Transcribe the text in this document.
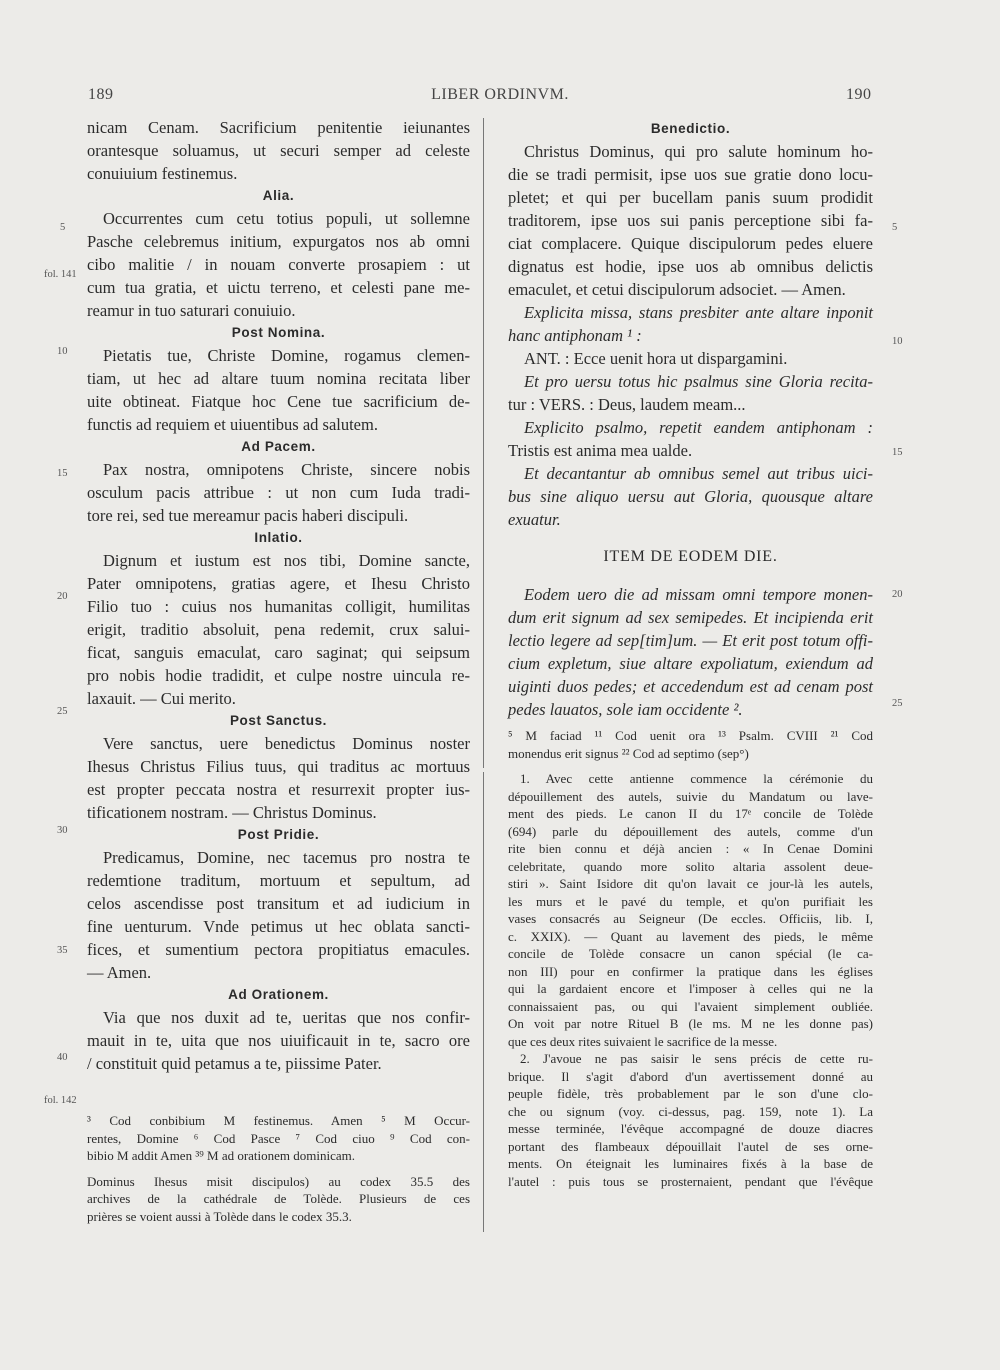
189	LIBER ORDINVM.	190
nicam Cenam. Sacrificium penitentie ieiunantes
orantesque soluamus, ut securi semper ad celeste
conuiuium festinemus.
Alia.
Occurrentes cum cetu totius populi, ut sollemne
Pasche celebremus initium, expurgatos nos ab omni
cibo malitie / in nouam converte prosapiem : ut
cum tua gratia, et uictu terreno, et celesti pane me-
reamur in tuo saturari conuiuio.
Post Nomina.
Pietatis tue, Christe Domine, rogamus clemen-
tiam, ut hec ad altare tuum nomina recitata liber
uite obtineat. Fiatque hoc Cene tue sacrificium de-
functis ad requiem et uiuentibus ad salutem.
Ad Pacem.
Pax nostra, omnipotens Christe, sincere nobis
osculum pacis attribue : ut non cum Iuda tradi-
tore rei, sed tue mereamur pacis haberi discipuli.
Inlatio.
Dignum et iustum est nos tibi, Domine sancte,
Pater omnipotens, gratias agere, et Ihesu Christo
Filio tuo : cuius nos humanitas colligit, humilitas
erigit, traditio absoluit, pena redemit, crux salui-
ficat, sanguis emaculat, caro saginat; qui seipsum
pro nobis hodie tradidit, et culpe nostre uincula re-
laxauit. — Cui merito.
Post Sanctus.
Vere sanctus, uere benedictus Dominus noster
Ihesus Christus Filius tuus, qui traditus ac mortuus
est propter peccata nostra et resurrexit propter ius-
tificationem nostram. — Christus Dominus.
Post Pridie.
Predicamus, Domine, nec tacemus pro nostra te
redemtione traditum, mortuum et sepultum, ad
celos ascendisse post transitum et ad iudicium in
fine uenturum. Vnde petimus ut hec oblata sancti-
fices, et sumentium pectora propitiatus emacules.
— Amen.
Ad Orationem.
Via que nos duxit ad te, ueritas que nos confir-
mauit in te, uita que nos uiuificauit in te, sacro ore
/ constituit quid petamus a te, piissime Pater.
³ Cod conbibium M festinemus. Amen ⁵ M Occur-
rentes, Domine ⁶ Cod Pasce ⁷ Cod ciuo ⁹ Cod con-
bibio M addit Amen ³⁹ M ad orationem dominicam.
Dominus Ihesus misit discipulos) au codex 35.5 des
archives de la cathédrale de Tolède. Plusieurs de ces
prières se voient aussi à Tolède dans le codex 35.3.
Benedictio.
Christus Dominus, qui pro salute hominum ho-
die se tradi permisit, ipse uos sue gratie dono locu-
pletet; et qui per bucellam panis suum prodidit
traditorem, ipse uos sui panis perceptione sibi fa-
ciat complacere. Quique discipulorum pedes eluere
dignatus est hodie, ipse uos ab omnibus delictis
emaculet, et cetui discipulorum adsociet. — Amen.
Explicita missa, stans presbiter ante altare inponit
hanc antiphonam ¹ :
ANT. : Ecce uenit hora ut dispargamini.
Et pro uersu totus hic psalmus sine Gloria recita-
tur : VERS. : Deus, laudem meam...
Explicito psalmo, repetit eandem antiphonam :
Tristis est anima mea ualde.
Et decantantur ab omnibus semel aut tribus uici-
bus sine aliquo uersu aut Gloria, quousque altare
exuatur.
ITEM DE EODEM DIE.
Eodem uero die ad missam omni tempore monen-
dum erit signum ad sex semipedes. Et incipienda erit
lectio legere ad sep[tim]um. — Et erit post totum offi-
cium expletum, siue altare expoliatum, exiendum ad
uiginti duos pedes; et accedendum est ad cenam post
pedes lauatos, sole iam occidente ².
⁵ M faciad ¹¹ Cod uenit ora ¹³ Psalm. CVIII ²¹ Cod
monendus erit signus ²² Cod ad septimo (sep°)
1. Avec cette antienne commence la cérémonie du
dépouillement des autels, suivie du Mandatum ou lave-
ment des pieds. Le canon II du 17ᵉ concile de Tolède
(694) parle du dépouillement des autels, comme d'un
rite bien connu et déjà ancien : « In Cenae Domini
celebritate, quando more solito altaria assolent deue-
stiri ». Saint Isidore dit qu'on lavait ce jour-là les autels,
les murs et le pavé du temple, et qu'on purifiait les
vases consacrés au Seigneur (De eccles. Officiis, lib. I,
c. XXIX). — Quant au lavement des pieds, le même
concile de Tolède consacre un canon spécial (le ca-
non III) pour en confirmer la pratique dans les églises
qui la gardaient encore et l'imposer à celles qui ne la
connaissaient pas, ou qui l'avaient simplement oubliée.
On voit par notre Rituel B (le ms. M ne les donne pas)
que ces deux rites suivaient le sacrifice de la messe.
2. J'avoue ne pas saisir le sens précis de cette ru-
brique. Il s'agit d'abord d'un avertissement donné au
peuple fidèle, très probablement par le son d'une clo-
che ou signum (voy. ci-dessus, pag. 159, note 1). La
messe terminée, l'évêque accompagné de douze diacres
portant des flambeaux dépouillait l'autel de ses orne-
ments. On éteignait les luminaires fixés à la base de
l'autel : puis tous se prosternaient, pendant que l'évêque
5
fol. 141
10
15
20
25
30
35
40
fol. 142
5
10
15
20
25
